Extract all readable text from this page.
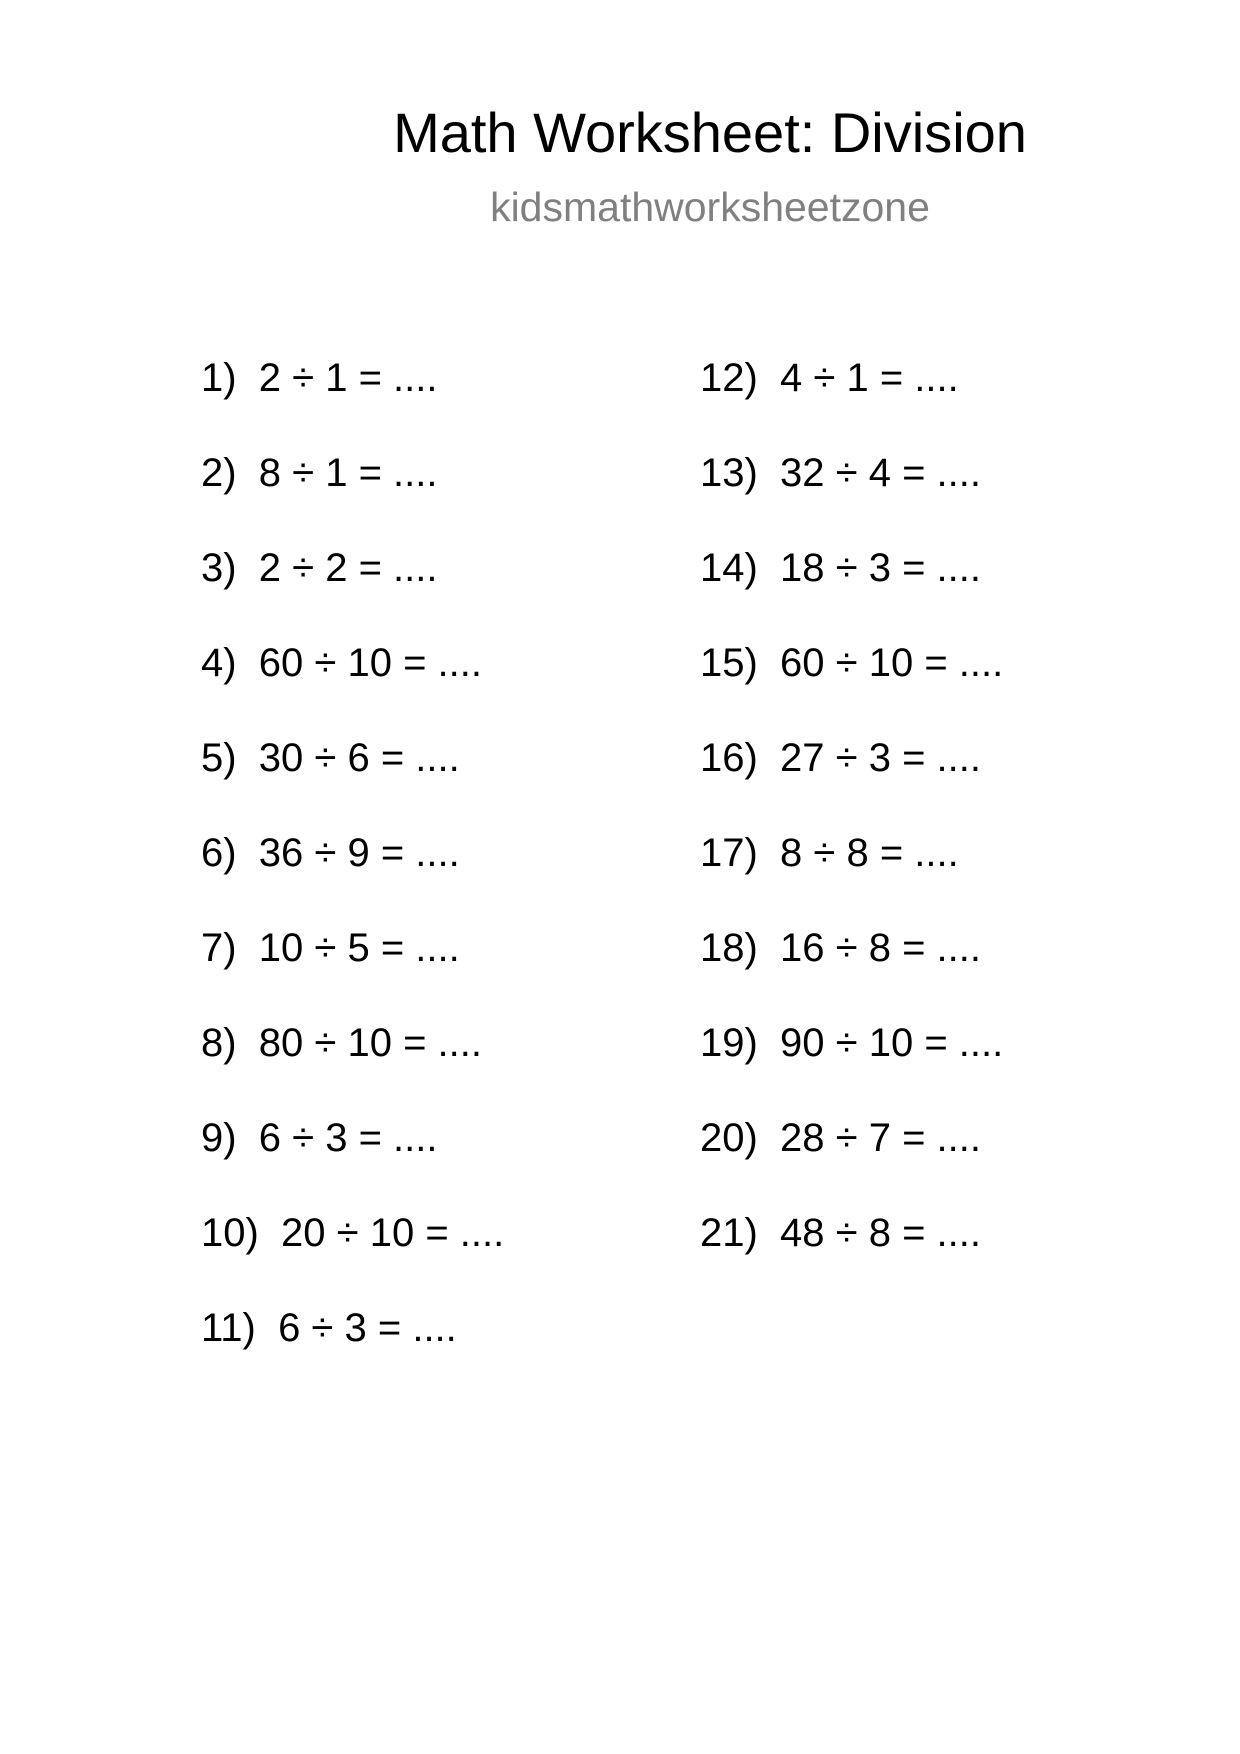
Math Worksheet: Division
kidsmathworksheetzone
1)  2 ÷ 1 = ....
2)  8 ÷ 1 = ....
3)  2 ÷ 2 = ....
4)  60 ÷ 10 = ....
5)  30 ÷ 6 = ....
6)  36 ÷ 9 = ....
7)  10 ÷ 5 = ....
8)  80 ÷ 10 = ....
9)  6 ÷ 3 = ....
10)  20 ÷ 10 = ....
11)  6 ÷ 3 = ....
12)  4 ÷ 1 = ....
13)  32 ÷ 4 = ....
14)  18 ÷ 3 = ....
15)  60 ÷ 10 = ....
16)  27 ÷ 3 = ....
17)  8 ÷ 8 = ....
18)  16 ÷ 8 = ....
19)  90 ÷ 10 = ....
20)  28 ÷ 7 = ....
21)  48 ÷ 8 = ....
